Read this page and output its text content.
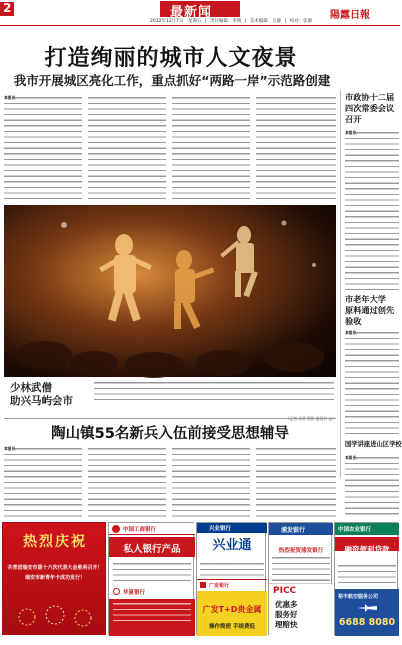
2	最新闻	陽露日報
2012年12月7日 星期五 | 责任编辑：李婧 | 美术编辑：吕静 | 校对：张静
打造绚丽的城市人文夜景
我市开展城区亮化工作，重点抓好“两路一岸”示范路创建
本报讯
少林武僧
助兴马屿会市
市政协十二届
四次常委会议召开
本报讯
市老年大学
原料通过创先验收
本报讯
国学讲座进山区学校
本报讯
陶山镇55名新兵入伍前接受思想辅导
本报讯
热烈庆祝
共青团瑞安市第十六次代表大会胜利召开！
瑞安市新青年卡成功发行！
中国工商银行
私人银行产品
华夏银行
12月6日—12月12日
兴业银行
兴业通
广发银行
广发T+D贵金属
操作简便 手续费低
浦发银行
热烈祝贺浦发银行
PICC
优惠多
服务好
理赔快
中国农业银行
融资便利贷款
裕丰航空服务公司
6688 8080
